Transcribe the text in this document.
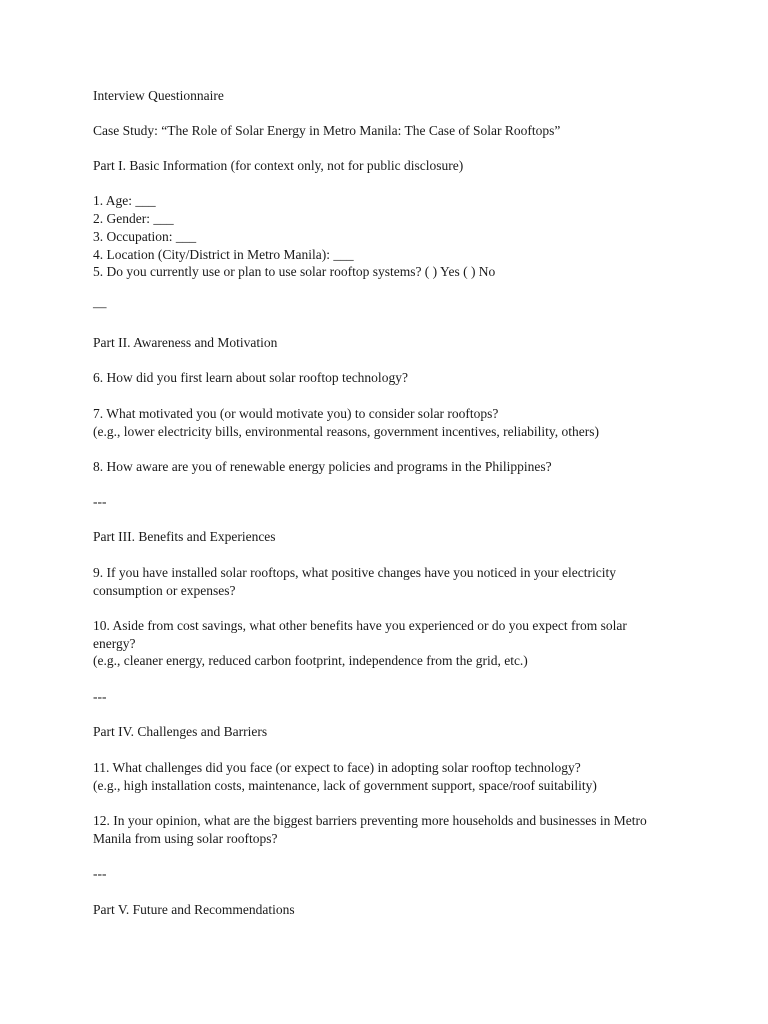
Interview Questionnaire
Case Study: “The Role of Solar Energy in Metro Manila: The Case of Solar Rooftops”
Part I. Basic Information (for context only, not for public disclosure)
1. Age: ___
2. Gender: ___
3. Occupation: ___
4. Location (City/District in Metro Manila): ___
5. Do you currently use or plan to use solar rooftop systems? ( ) Yes ( ) No
—
Part II. Awareness and Motivation
6. How did you first learn about solar rooftop technology?
7. What motivated you (or would motivate you) to consider solar rooftops?
(e.g., lower electricity bills, environmental reasons, government incentives, reliability, others)
8. How aware are you of renewable energy policies and programs in the Philippines?
---
Part III. Benefits and Experiences
9. If you have installed solar rooftops, what positive changes have you noticed in your electricity
consumption or expenses?
10. Aside from cost savings, what other benefits have you experienced or do you expect from solar
energy?
(e.g., cleaner energy, reduced carbon footprint, independence from the grid, etc.)
---
Part IV. Challenges and Barriers
11. What challenges did you face (or expect to face) in adopting solar rooftop technology?
(e.g., high installation costs, maintenance, lack of government support, space/roof suitability)
12. In your opinion, what are the biggest barriers preventing more households and businesses in Metro
Manila from using solar rooftops?
---
Part V. Future and Recommendations
